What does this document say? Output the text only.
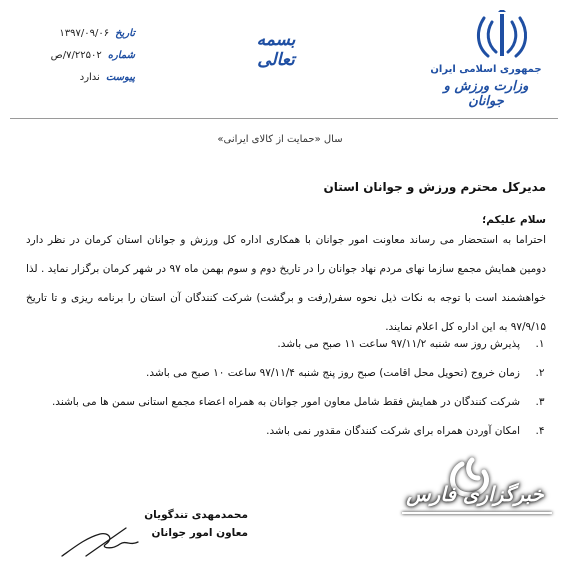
جمهوری اسلامی ایران
وزارت ورزش و جوانان
بسمه تعالی
تاریخ
۱۳۹۷/۰۹/۰۶
شماره
۷/۲۲۵۰۲/ص
پیوست
ندارد
سال «حمایت از کالای ایرانی»
مدیرکل محترم ورزش و جوانان استان
سلام علیکم؛
احتراما به استحضار می رساند معاونت امور جوانان با همکاری اداره کل ورزش و جوانان استان کرمان در نظر دارد دومین همایش مجمع سازما نهای مردم نهاد جوانان را در تاریخ دوم و سوم بهمن ماه ۹۷ در شهر کرمان برگزار نماید . لذا خواهشمند است با توجه به نکات ذیل نحوه سفر(رفت و برگشت) شرکت کنندگان آن استان را برنامه ریزی و تا تاریخ ۹۷/۹/۱۵ به این اداره کل اعلام نمایند.
۱.
پذیرش روز سه شنبه ۹۷/۱۱/۲ ساعت ۱۱ صبح می باشد.
۲.
زمان خروج (تحویل محل اقامت) صبح روز پنج شنبه ۹۷/۱۱/۴ ساعت ۱۰ صبح می باشد.
۳.
شرکت کنندگان در همایش فقط شامل معاون امور جوانان به همراه اعضاء مجمع استانی سمن ها می باشند.
۴.
امکان آوردن همراه برای شرکت کنندگان مقدور نمی باشد.
محمدمهدی تندگویان
معاون امور جوانان
خبرگزاری فارس
